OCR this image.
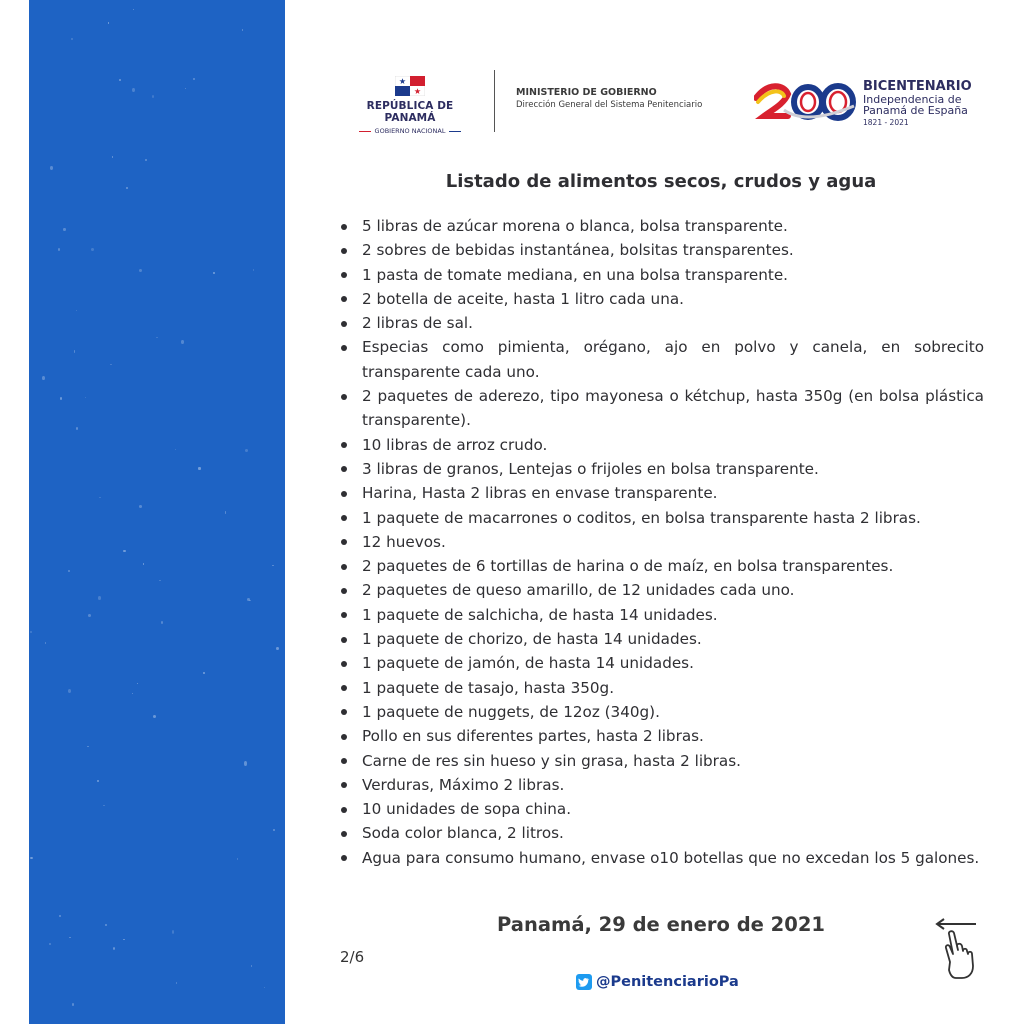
REPÚBLICA DE PANAMÁ
GOBIERNO NACIONAL
MINISTERIO DE GOBIERNO
Dirección General del Sistema Penitenciario
BICENTENARIO
Independencia de
Panamá de España
1821 - 2021
Listado de alimentos secos, crudos y agua
5 libras de azúcar morena o blanca, bolsa transparente.
2 sobres de bebidas instantánea, bolsitas transparentes.
1 pasta de tomate mediana, en una bolsa transparente.
2 botella de aceite, hasta 1 litro cada una.
2 libras de sal.
Especias como pimienta, orégano, ajo en polvo y canela, en sobrecito transparente cada uno.
2 paquetes de aderezo, tipo mayonesa o kétchup, hasta 350g (en bolsa plástica transparente).
10 libras de arroz crudo.
3 libras de granos, Lentejas o frijoles en bolsa transparente.
Harina, Hasta 2 libras en envase transparente.
1 paquete de macarrones o coditos, en bolsa transparente hasta 2 libras.
12 huevos.
2 paquetes de 6 tortillas de harina o de maíz, en bolsa transparentes.
2 paquetes de queso amarillo, de 12 unidades cada uno.
1 paquete de salchicha, de hasta 14 unidades.
1 paquete de chorizo, de hasta 14 unidades.
1 paquete de jamón, de hasta 14 unidades.
1 paquete de tasajo, hasta 350g.
1 paquete de nuggets, de 12oz (340g).
Pollo en sus diferentes partes, hasta 2 libras.
Carne de res sin hueso y sin grasa, hasta 2 libras.
Verduras, Máximo 2 libras.
10 unidades de sopa china.
Soda color blanca, 2 litros.
Agua para consumo humano, envase o10 botellas que no excedan los 5 galones.
Panamá, 29 de enero de 2021
2/6
@PenitenciarioPa
